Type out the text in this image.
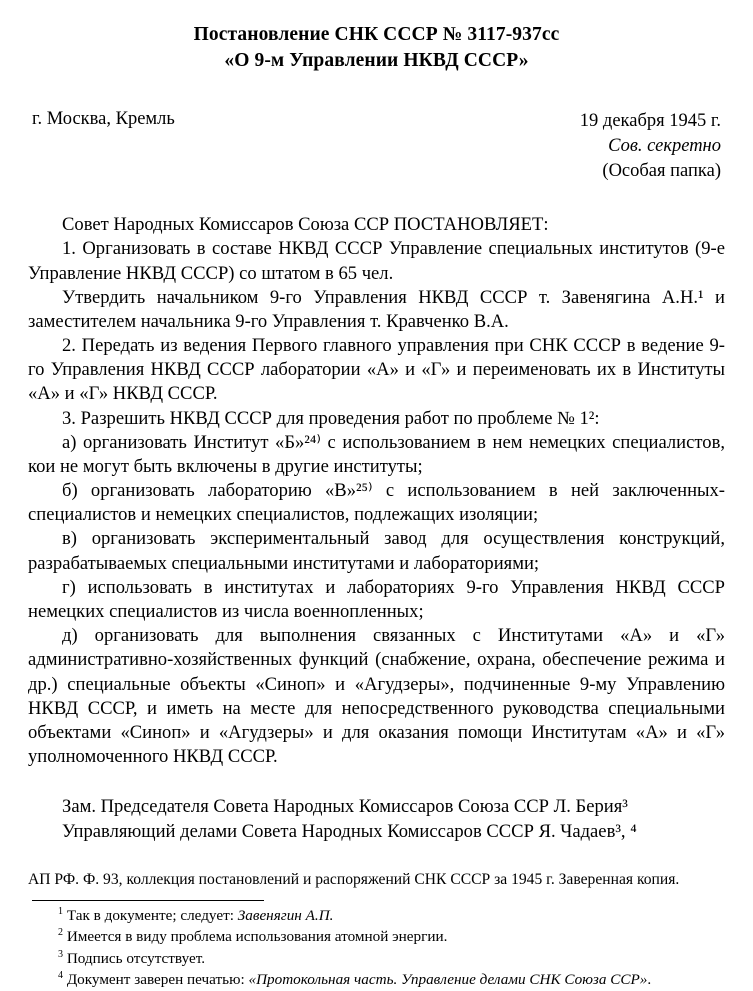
Постановление СНК СССР № 3117-937сс
«О 9-м Управлении НКВД СССР»
г. Москва, Кремль	19 декабря 1945 г.
Сов. секретно
(Особая папка)

Совет Народных Комиссаров Союза ССР ПОСТАНОВЛЯЕТ:

1. Организовать в составе НКВД СССР Управление специальных институтов (9-е Управление НКВД СССР) со штатом в 65 чел.

Утвердить начальником 9-го Управления НКВД СССР т. Завенягина А.Н.¹ и заместителем начальника 9-го Управления т. Кравченко В.А.

2. Передать из ведения Первого главного управления при СНК СССР в ведение 9-го Управления НКВД СССР лаборатории «А» и «Г» и переименовать их в Институты «А» и «Г» НКВД СССР.

3. Разрешить НКВД СССР для проведения работ по проблеме № 1²:

а) организовать Институт «Б»²⁴⁾ с использованием в нем немецких специалистов, кои не могут быть включены в другие институты;

б) организовать лабораторию «В»²⁵⁾ с использованием в ней заключенных-специалистов и немецких специалистов, подлежащих изоляции;

в) организовать экспериментальный завод для осуществления конструкций, разрабатываемых специальными институтами и лабораториями;

г) использовать в институтах и лабораториях 9-го Управления НКВД СССР немецких специалистов из числа военнопленных;

д) организовать для выполнения связанных с Институтами «А» и «Г» административно-хозяйственных функций (снабжение, охрана, обеспечение режима и др.) специальные объекты «Синоп» и «Агудзеры», подчиненные 9-му Управлению НКВД СССР, и иметь на месте для непосредственного руководства специальными объектами «Синоп» и «Агудзеры» и для оказания помощи Институтам «А» и «Г» уполномоченного НКВД СССР.

Зам. Председателя Совета Народных Комиссаров Союза ССР Л. Берия³
Управляющий делами Совета Народных Комиссаров СССР Я. Чадаев³, ⁴
АП РФ. Ф. 93, коллекция постановлений и распоряжений СНК СССР за 1945 г. Заверенная копия.
$^1$ Так в документе; следует: Завенягин А.П.
$^2$ Имеется в виду проблема использования атомной энергии.
$^3$ Подпись отсутствует.
$^4$ Документ заверен печатью: «Протокольная часть. Управление делами СНК Союза ССР».
